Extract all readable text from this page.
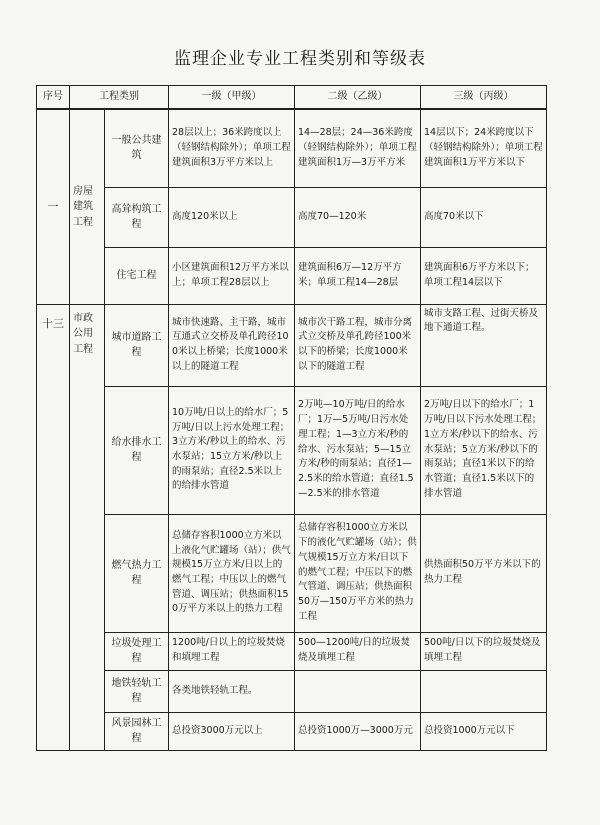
监理企业专业工程类别和等级表
序号	工程类别		一级（甲级）	二级（乙级）	三级（丙级）
一	房屋建筑工程	一般公共建筑	28层以上；36米跨度以上（轻钢结构除外）；单项工程建筑面积3万平方米以上	14—28层；24—36米跨度（轻钢结构除外）；单项工程建筑面积1万—3万平方米	14层以下；24米跨度以下（轻钢结构除外）；单项工程建筑面积1万平方米以下
		高耸构筑工程	高度120米以上	高度70—120米	高度70米以下
		住宅工程	小区建筑面积12万平方米以上；单项工程28层以上	建筑面积6万—12万平方米；单项工程14—28层	建筑面积6万平方米以下；单项工程14层以下
十三	市政公用工程	城市道路工程	城市快速路、主干路，城市互通式立交桥及单孔跨径100米以上桥梁；长度1000米以上的隧道工程	城市次干路工程，城市分离式立交桥及单孔跨径100米以下的桥梁；长度1000米以下的隧道工程	城市支路工程、过街天桥及地下通道工程。
		给水排水工程	10万吨/日以上的给水厂；5万吨/日以上污水处理工程；3立方米/秒以上的给水、污水泵站；15立方米/秒以上的雨泵站；直径2.5米以上的给排水管道	2万吨—10万吨/日的给水厂；1万—5万吨/日污水处理工程；1—3立方米/秒的给水、污水泵站；5—15立方米/秒的雨泵站；直径1—2.5米的给水管道；直径1.5—2.5米的排水管道	2万吨/日以下的给水厂；1万吨/日以下污水处理工程；1立方米/秒以下的给水、污水泵站；5立方米/秒以下的雨泵站；直径1米以下的给水管道；直径1.5米以下的排水管道
		燃气热力工程	总储存容积1000立方米以上液化气贮罐场（站）；供气规模15万立方米/日以上的燃气工程；中压以上的燃气管道、调压站；供热面积150万平方米以上的热力工程	总储存容积1000立方米以下的液化气贮罐场（站）；供气规模15万立方米/日以下的燃气工程；中压以下的燃气管道、调压站；供热面积50万—150万平方米的热力工程	供热面积50万平方米以下的热力工程
		垃圾处理工程	1200吨/日以上的垃圾焚烧和填埋工程	500—1200吨/日的垃圾焚烧及填埋工程	500吨/日以下的垃圾焚烧及填埋工程
		地铁轻轨工程	各类地铁轻轨工程。		
		风景园林工程	总投资3000万元以上	总投资1000万—3000万元	总投资1000万元以下
